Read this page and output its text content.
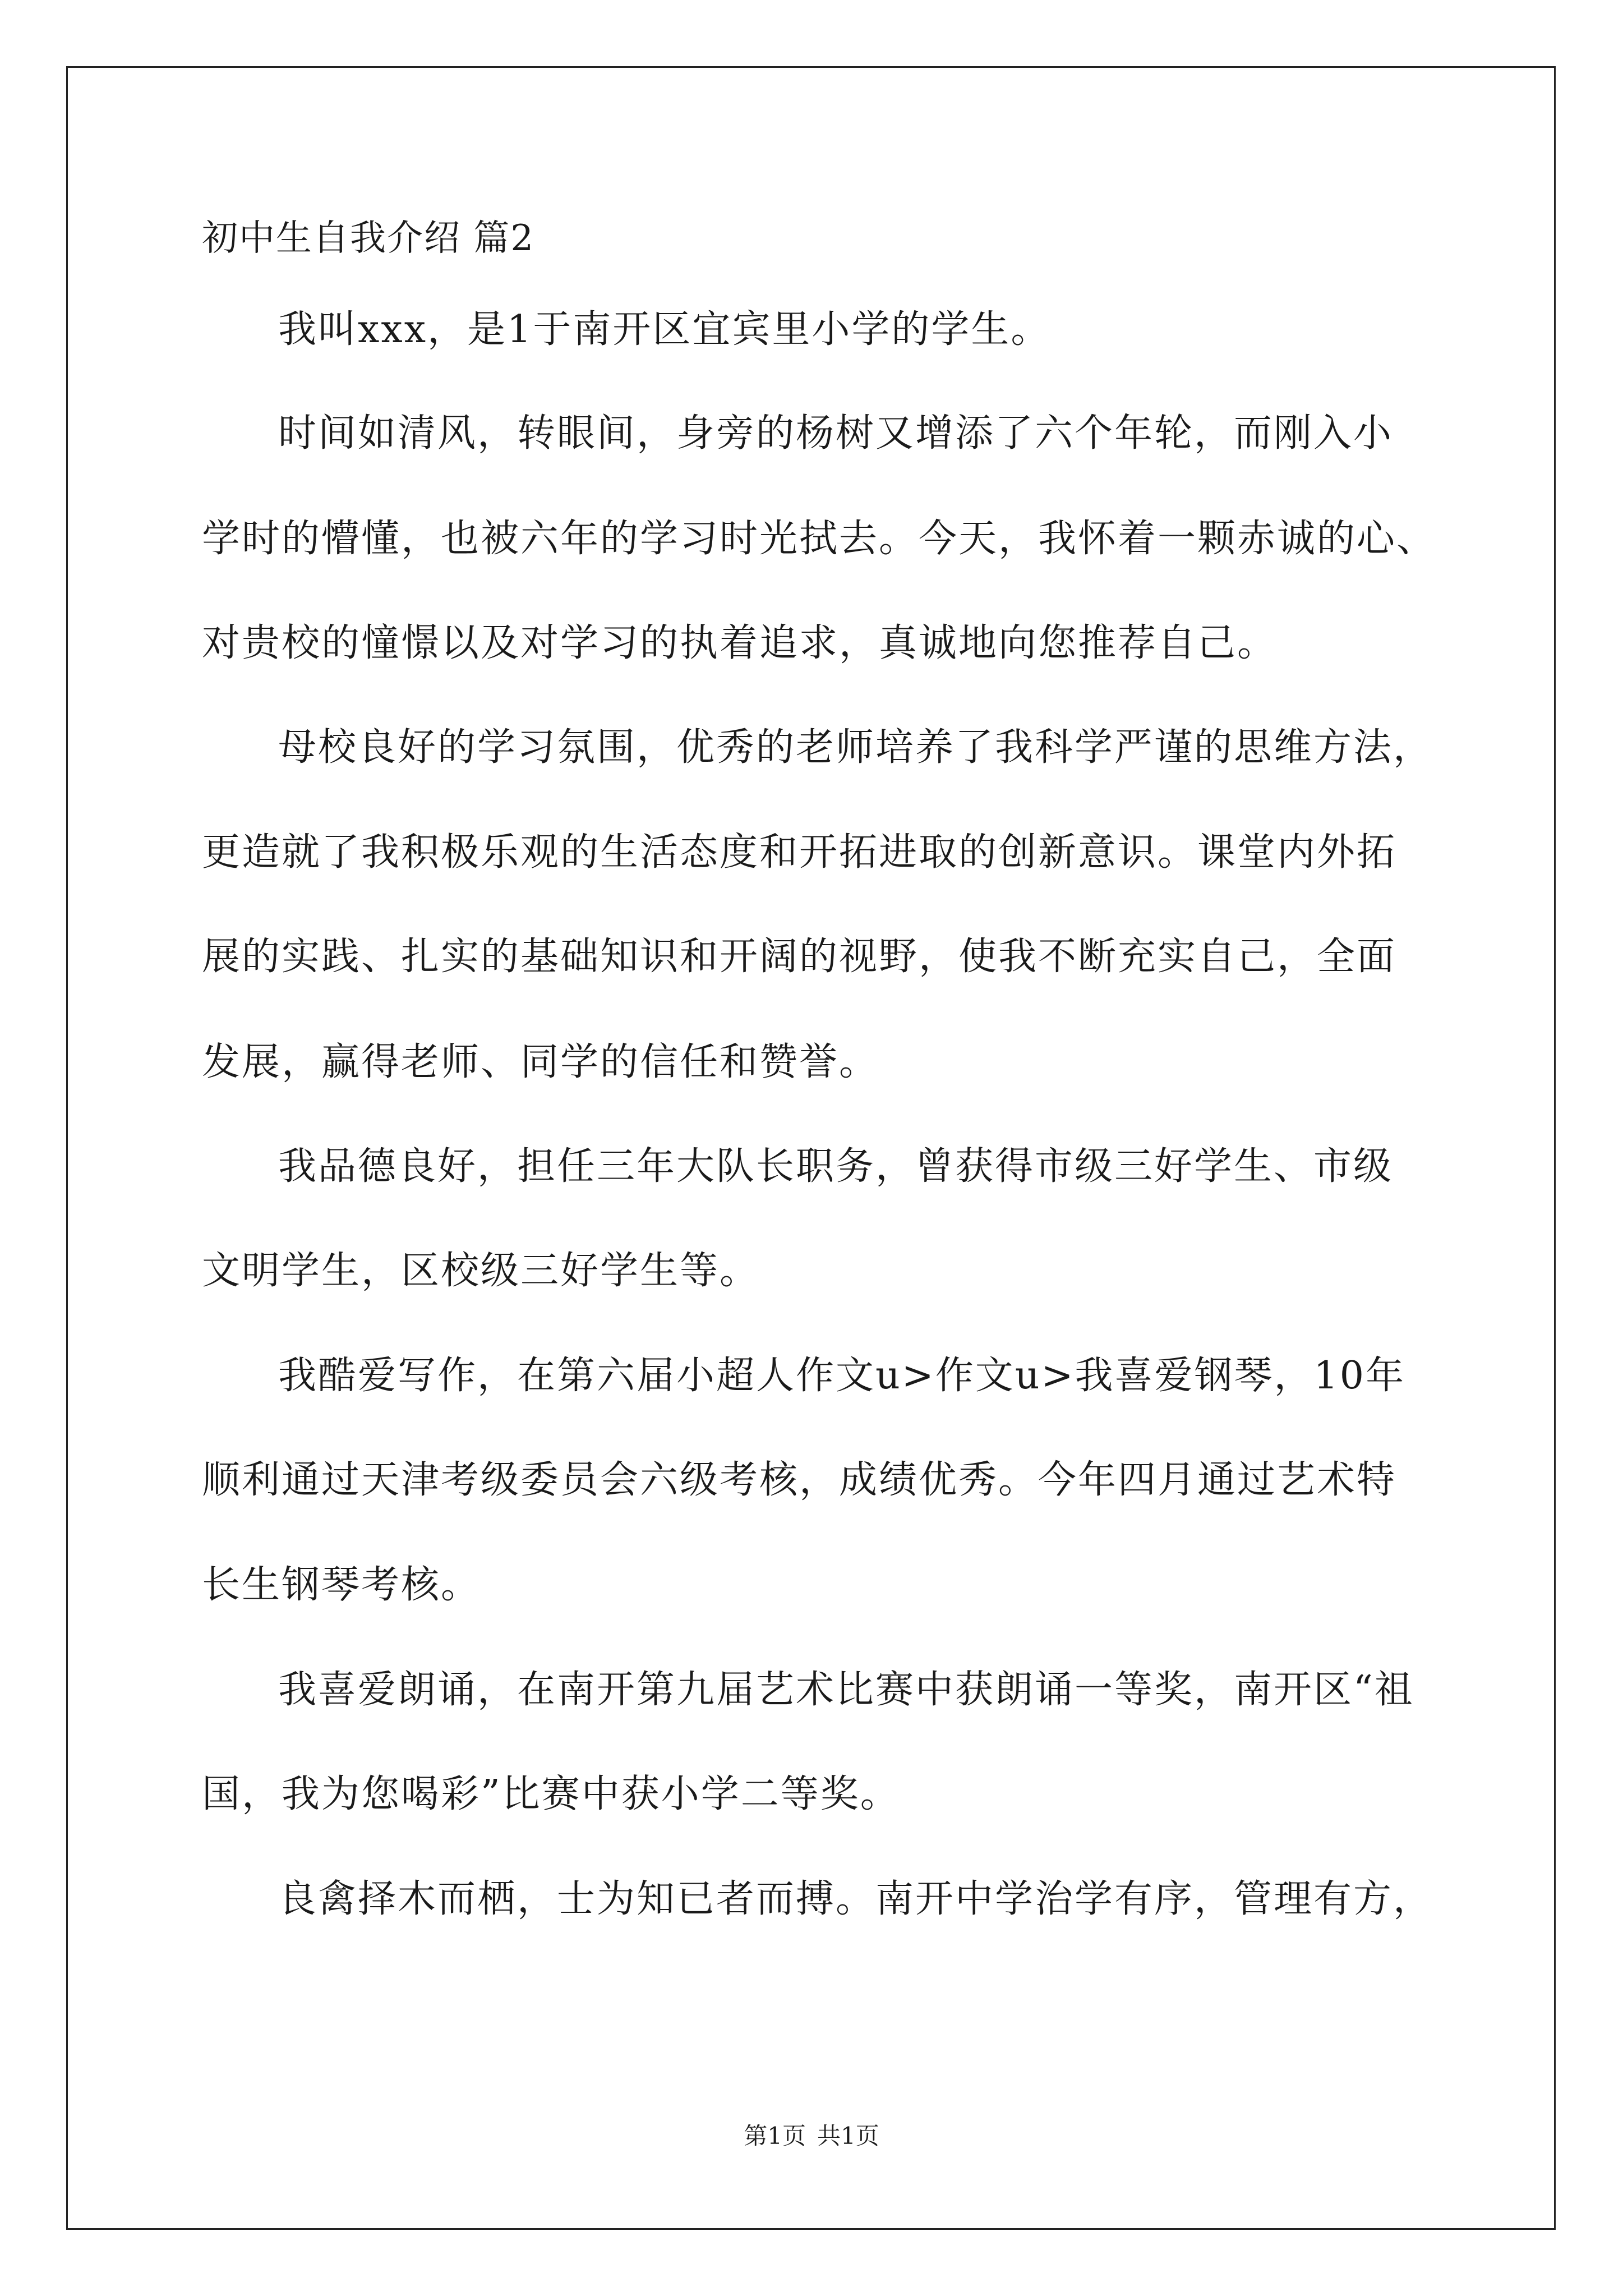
初中生自我介绍 篇2
我叫xxx，是1于南开区宜宾里小学的学生。
时间如清风，转眼间，身旁的杨树又增添了六个年轮，而刚入小
学时的懵懂，也被六年的学习时光拭去。今天，我怀着一颗赤诚的心、
对贵校的憧憬以及对学习的执着追求，真诚地向您推荐自己。
母校良好的学习氛围，优秀的老师培养了我科学严谨的思维方法，
更造就了我积极乐观的生活态度和开拓进取的创新意识。课堂内外拓
展的实践、扎实的基础知识和开阔的视野，使我不断充实自己，全面
发展，赢得老师、同学的信任和赞誉。
我品德良好，担任三年大队长职务，曾获得市级三好学生、市级
文明学生，区校级三好学生等。
我酷爱写作，在第六届小超人作文u>作文u>我喜爱钢琴，10年
顺利通过天津考级委员会六级考核，成绩优秀。今年四月通过艺术特
长生钢琴考核。
我喜爱朗诵，在南开第九届艺术比赛中获朗诵一等奖，南开区“祖
国，我为您喝彩”比赛中获小学二等奖。
良禽择木而栖，士为知已者而搏。南开中学治学有序，管理有方，
第1页 共1页
